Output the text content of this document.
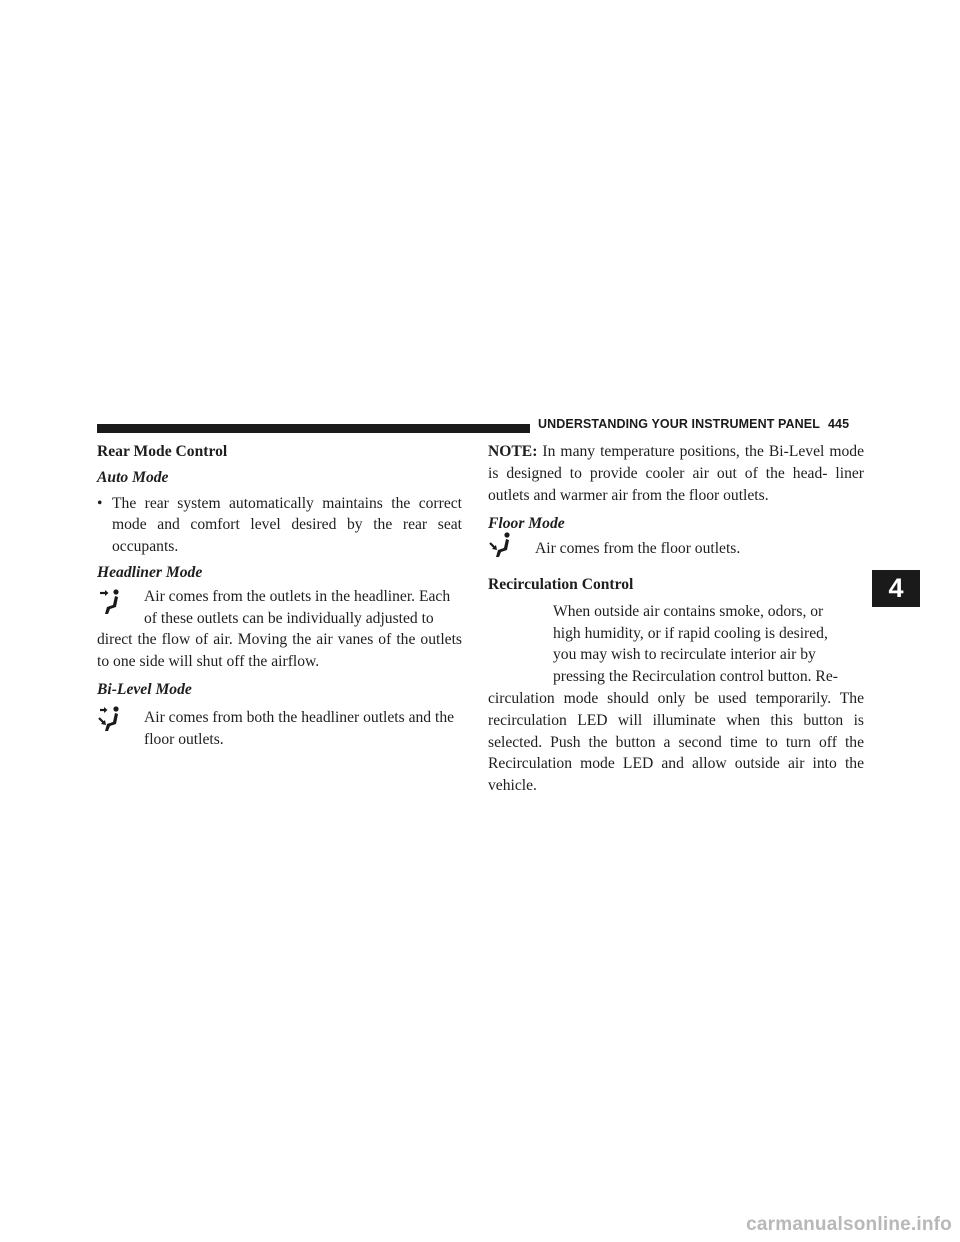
UNDERSTANDING YOUR INSTRUMENT PANEL 445
Rear Mode Control
Auto Mode
• The rear system automatically maintains the correct mode and comfort level desired by the rear seat occupants.

Headliner Mode

Air comes from the outlets in the headliner. Each

of these outlets can be individually adjusted to

direct the flow of air. Moving the air vanes of the outlets to one side will shut off the airflow.

Bi-Level Mode

Air comes from both the headliner outlets and the

floor outlets.

NOTE: In many temperature positions, the Bi-Level mode is designed to provide cooler air out of the head- liner outlets and warmer air from the floor outlets.

Floor Mode

Air comes from the floor outlets.

Recirculation Control

When outside air contains smoke, odors, or

high humidity, or if rapid cooling is desired,

you may wish to recirculate interior air by

pressing the Recirculation control button. Re-

circulation mode should only be used temporarily. The recirculation LED will illuminate when this button is selected. Push the button a second time to turn off the Recirculation mode LED and allow outside air into the vehicle.

4
carmanualsonline.info
